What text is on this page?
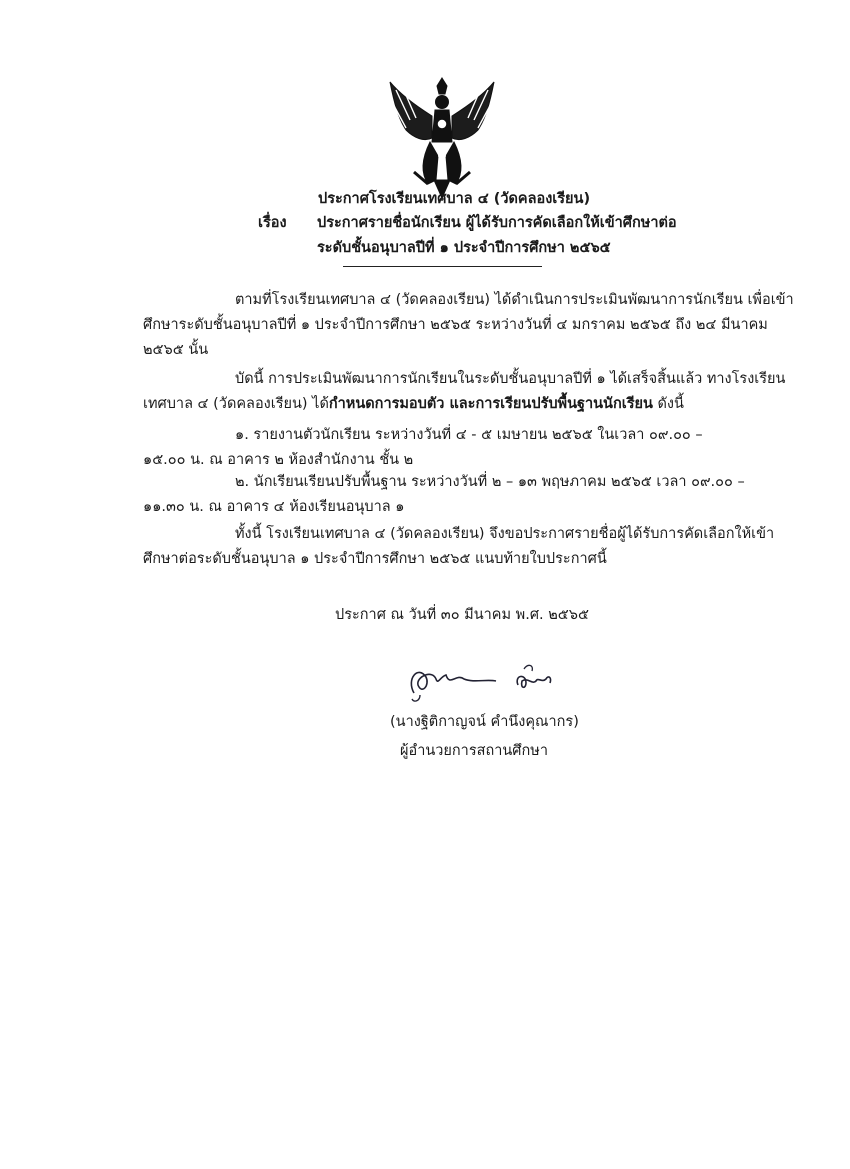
ประกาศโรงเรียนเทศบาล ๔ (วัดคลองเรียน)
เรื่อง ประกาศรายชื่อนักเรียน ผู้ได้รับการคัดเลือกให้เข้าศึกษาต่อ
ระดับชั้นอนุบาลปีที่ ๑ ประจำปีการศึกษา ๒๕๖๕
ตามที่โรงเรียนเทศบาล ๔ (วัดคลองเรียน) ได้ดำเนินการประเมินพัฒนาการนักเรียน เพื่อเข้า
ศึกษาระดับชั้นอนุบาลปีที่ ๑ ประจำปีการศึกษา ๒๕๖๕ ระหว่างวันที่ ๔ มกราคม ๒๕๖๕ ถึง ๒๔ มีนาคม
๒๕๖๕ นั้น
บัดนี้ การประเมินพัฒนาการนักเรียนในระดับชั้นอนุบาลปีที่ ๑ ได้เสร็จสิ้นแล้ว ทางโรงเรียน
เทศบาล ๔ (วัดคลองเรียน) ได้กำหนดการมอบตัว และการเรียนปรับพื้นฐานนักเรียน ดังนี้
๑. รายงานตัวนักเรียน ระหว่างวันที่ ๔ - ๕ เมษายน ๒๕๖๕ ในเวลา ๐๙.๐๐ –
๑๕.๐๐ น. ณ อาคาร ๒ ห้องสำนักงาน ชั้น ๒
๒. นักเรียนเรียนปรับพื้นฐาน ระหว่างวันที่ ๒ – ๑๓ พฤษภาคม ๒๕๖๕ เวลา ๐๙.๐๐ –
๑๑.๓๐ น. ณ อาคาร ๔ ห้องเรียนอนุบาล ๑
ทั้งนี้ โรงเรียนเทศบาล ๔ (วัดคลองเรียน) จึงขอประกาศรายชื่อผู้ได้รับการคัดเลือกให้เข้า
ศึกษาต่อระดับชั้นอนุบาล ๑ ประจำปีการศึกษา ๒๕๖๕ แนบท้ายใบประกาศนี้
ประกาศ ณ วันที่ ๓๐ มีนาคม พ.ศ. ๒๕๖๕
(นางฐิติกาญจน์ คำนึงคุณากร)
ผู้อำนวยการสถานศึกษา
